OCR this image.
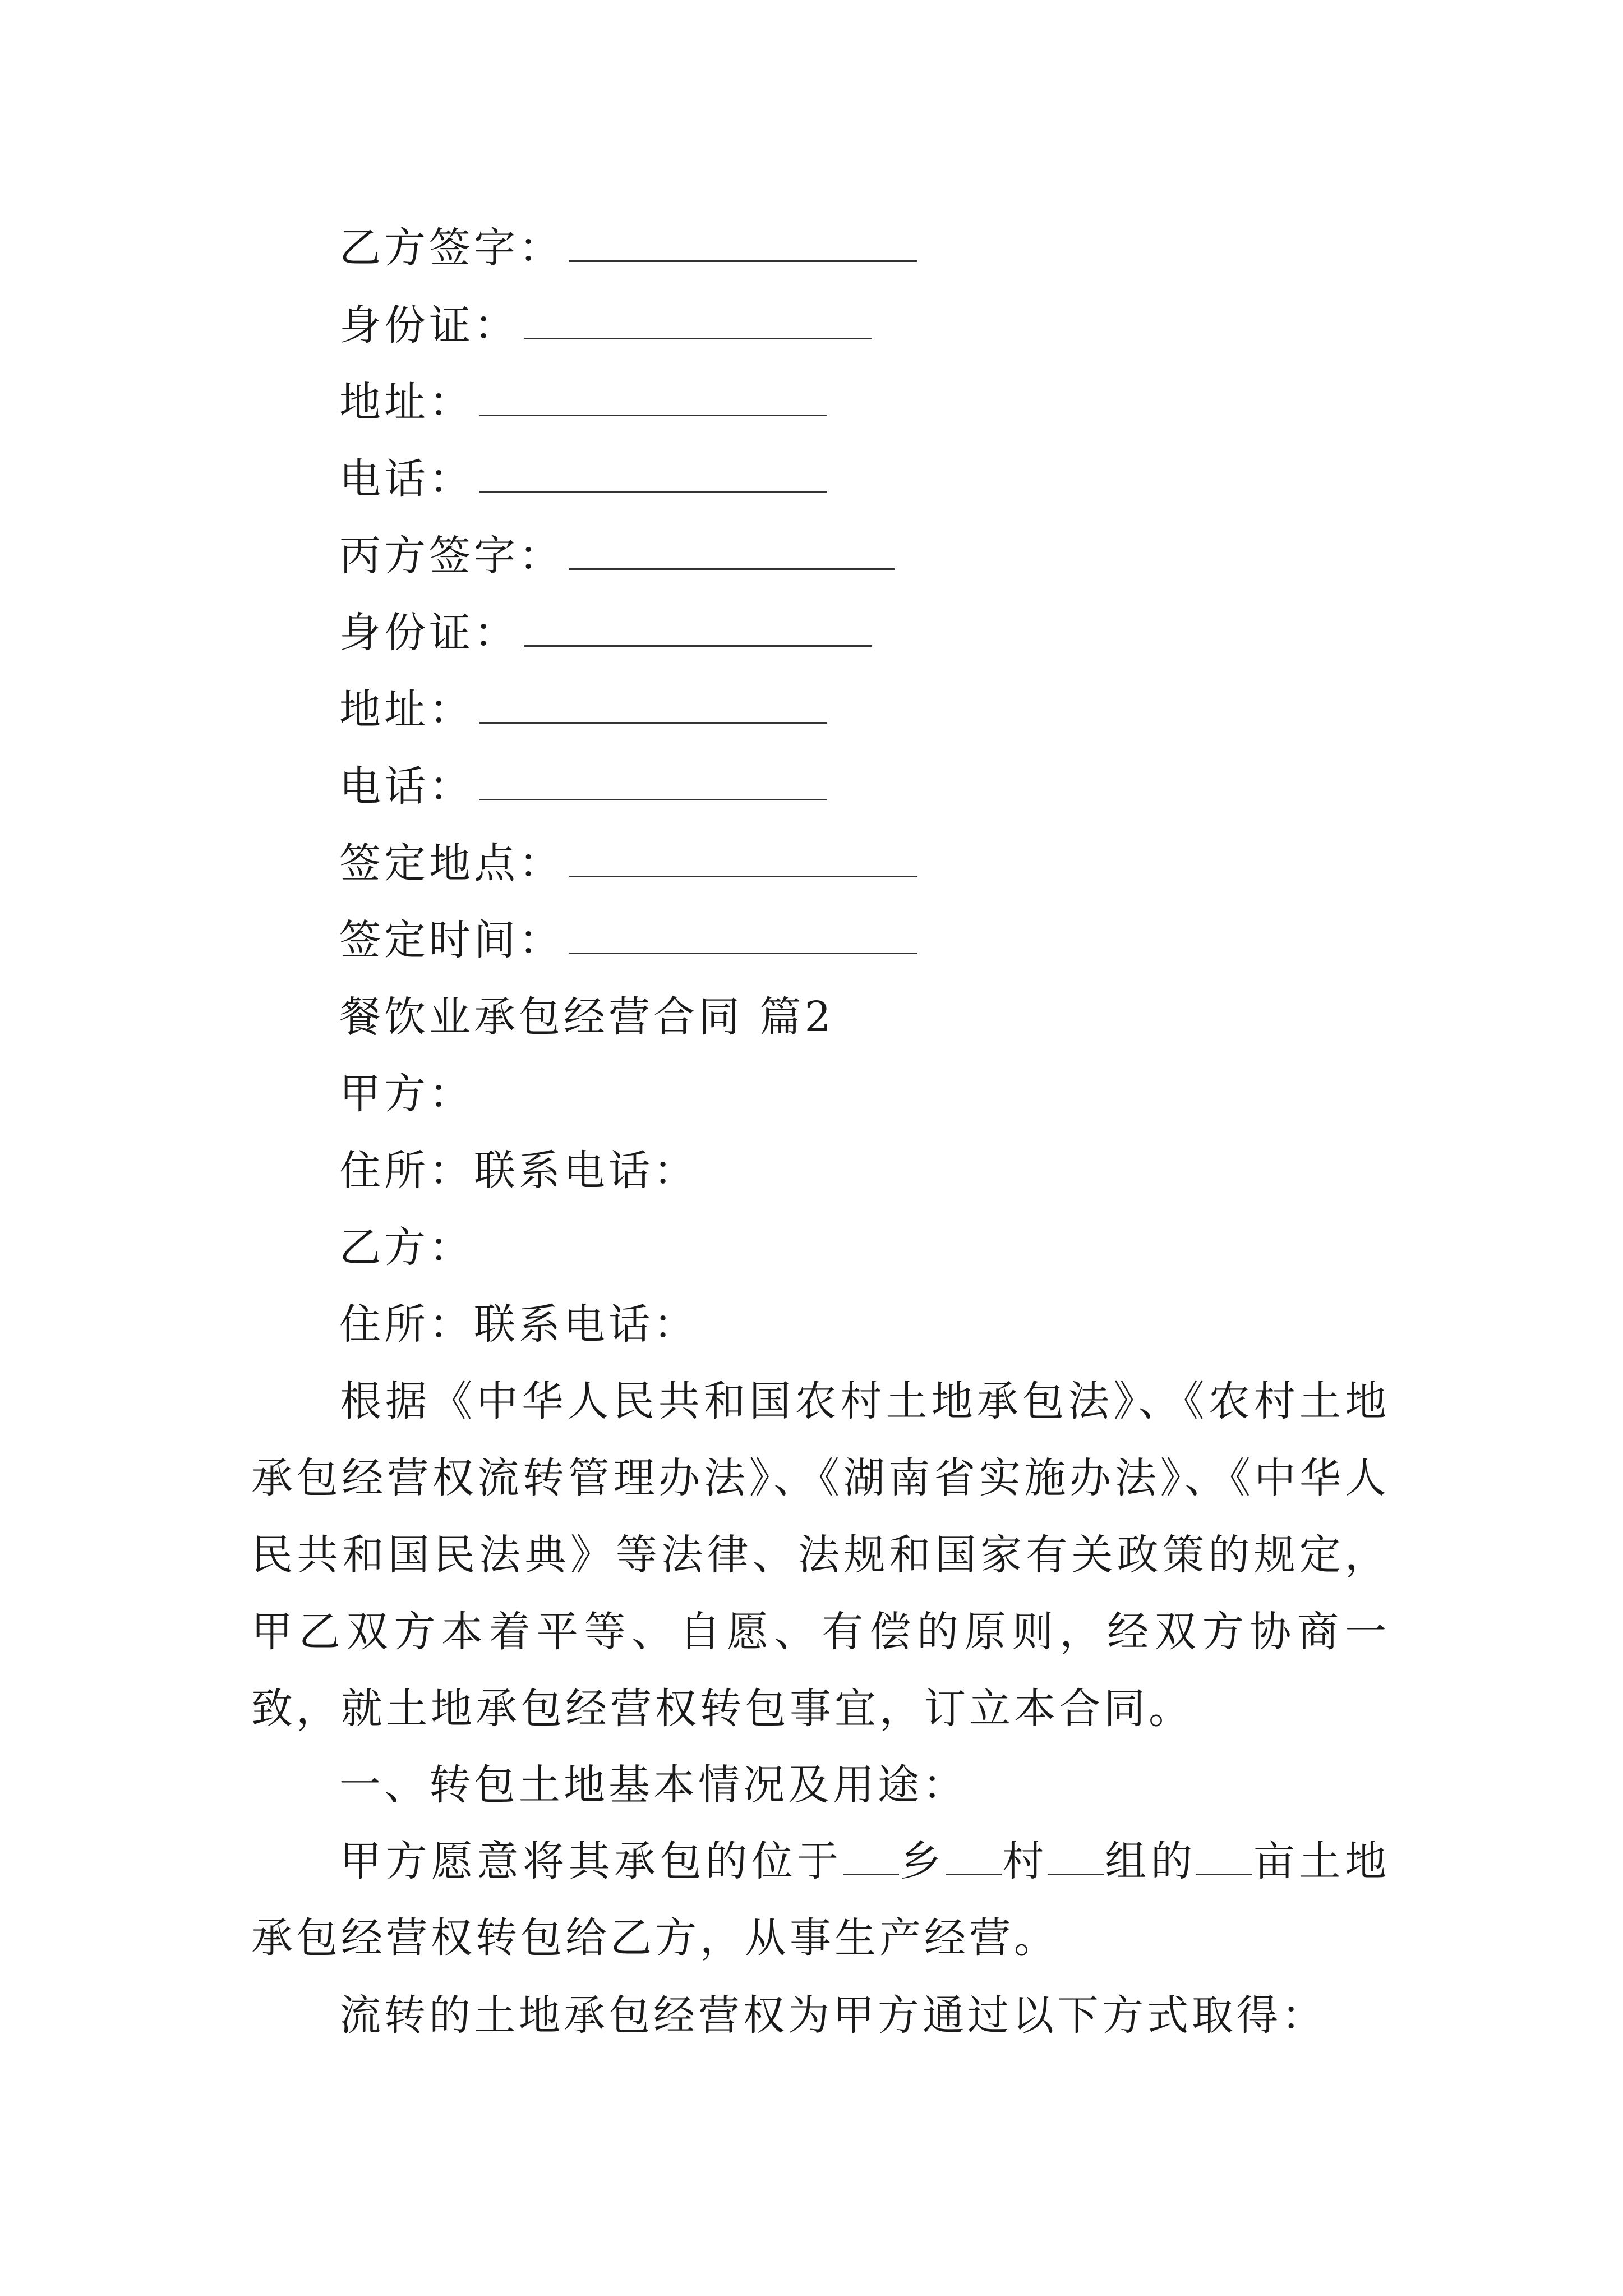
乙方签字：
身份证：
地址：
电话：
丙方签字：
身份证：
地址：
电话：
签定地点：
签定时间：
餐饮业承包经营合同 篇2
甲方：
住所：联系电话：
乙方：
住所：联系电话：
根据《中华人民共和国农村土地承包法》、《农村土地承包经营权流转管理办法》、《湖南省实施办法》、《中华人民共和国民法典》等法律、法规和国家有关政策的规定，甲乙双方本着平等、自愿、有偿的原则，经双方协商一致，就土地承包经营权转包事宜，订立本合同。
一、转包土地基本情况及用途：
甲方愿意将其承包的位于 乡 村 组的 亩土地承包经营权转包给乙方，从事生产经营。
流转的土地承包经营权为甲方通过以下方式取得：
